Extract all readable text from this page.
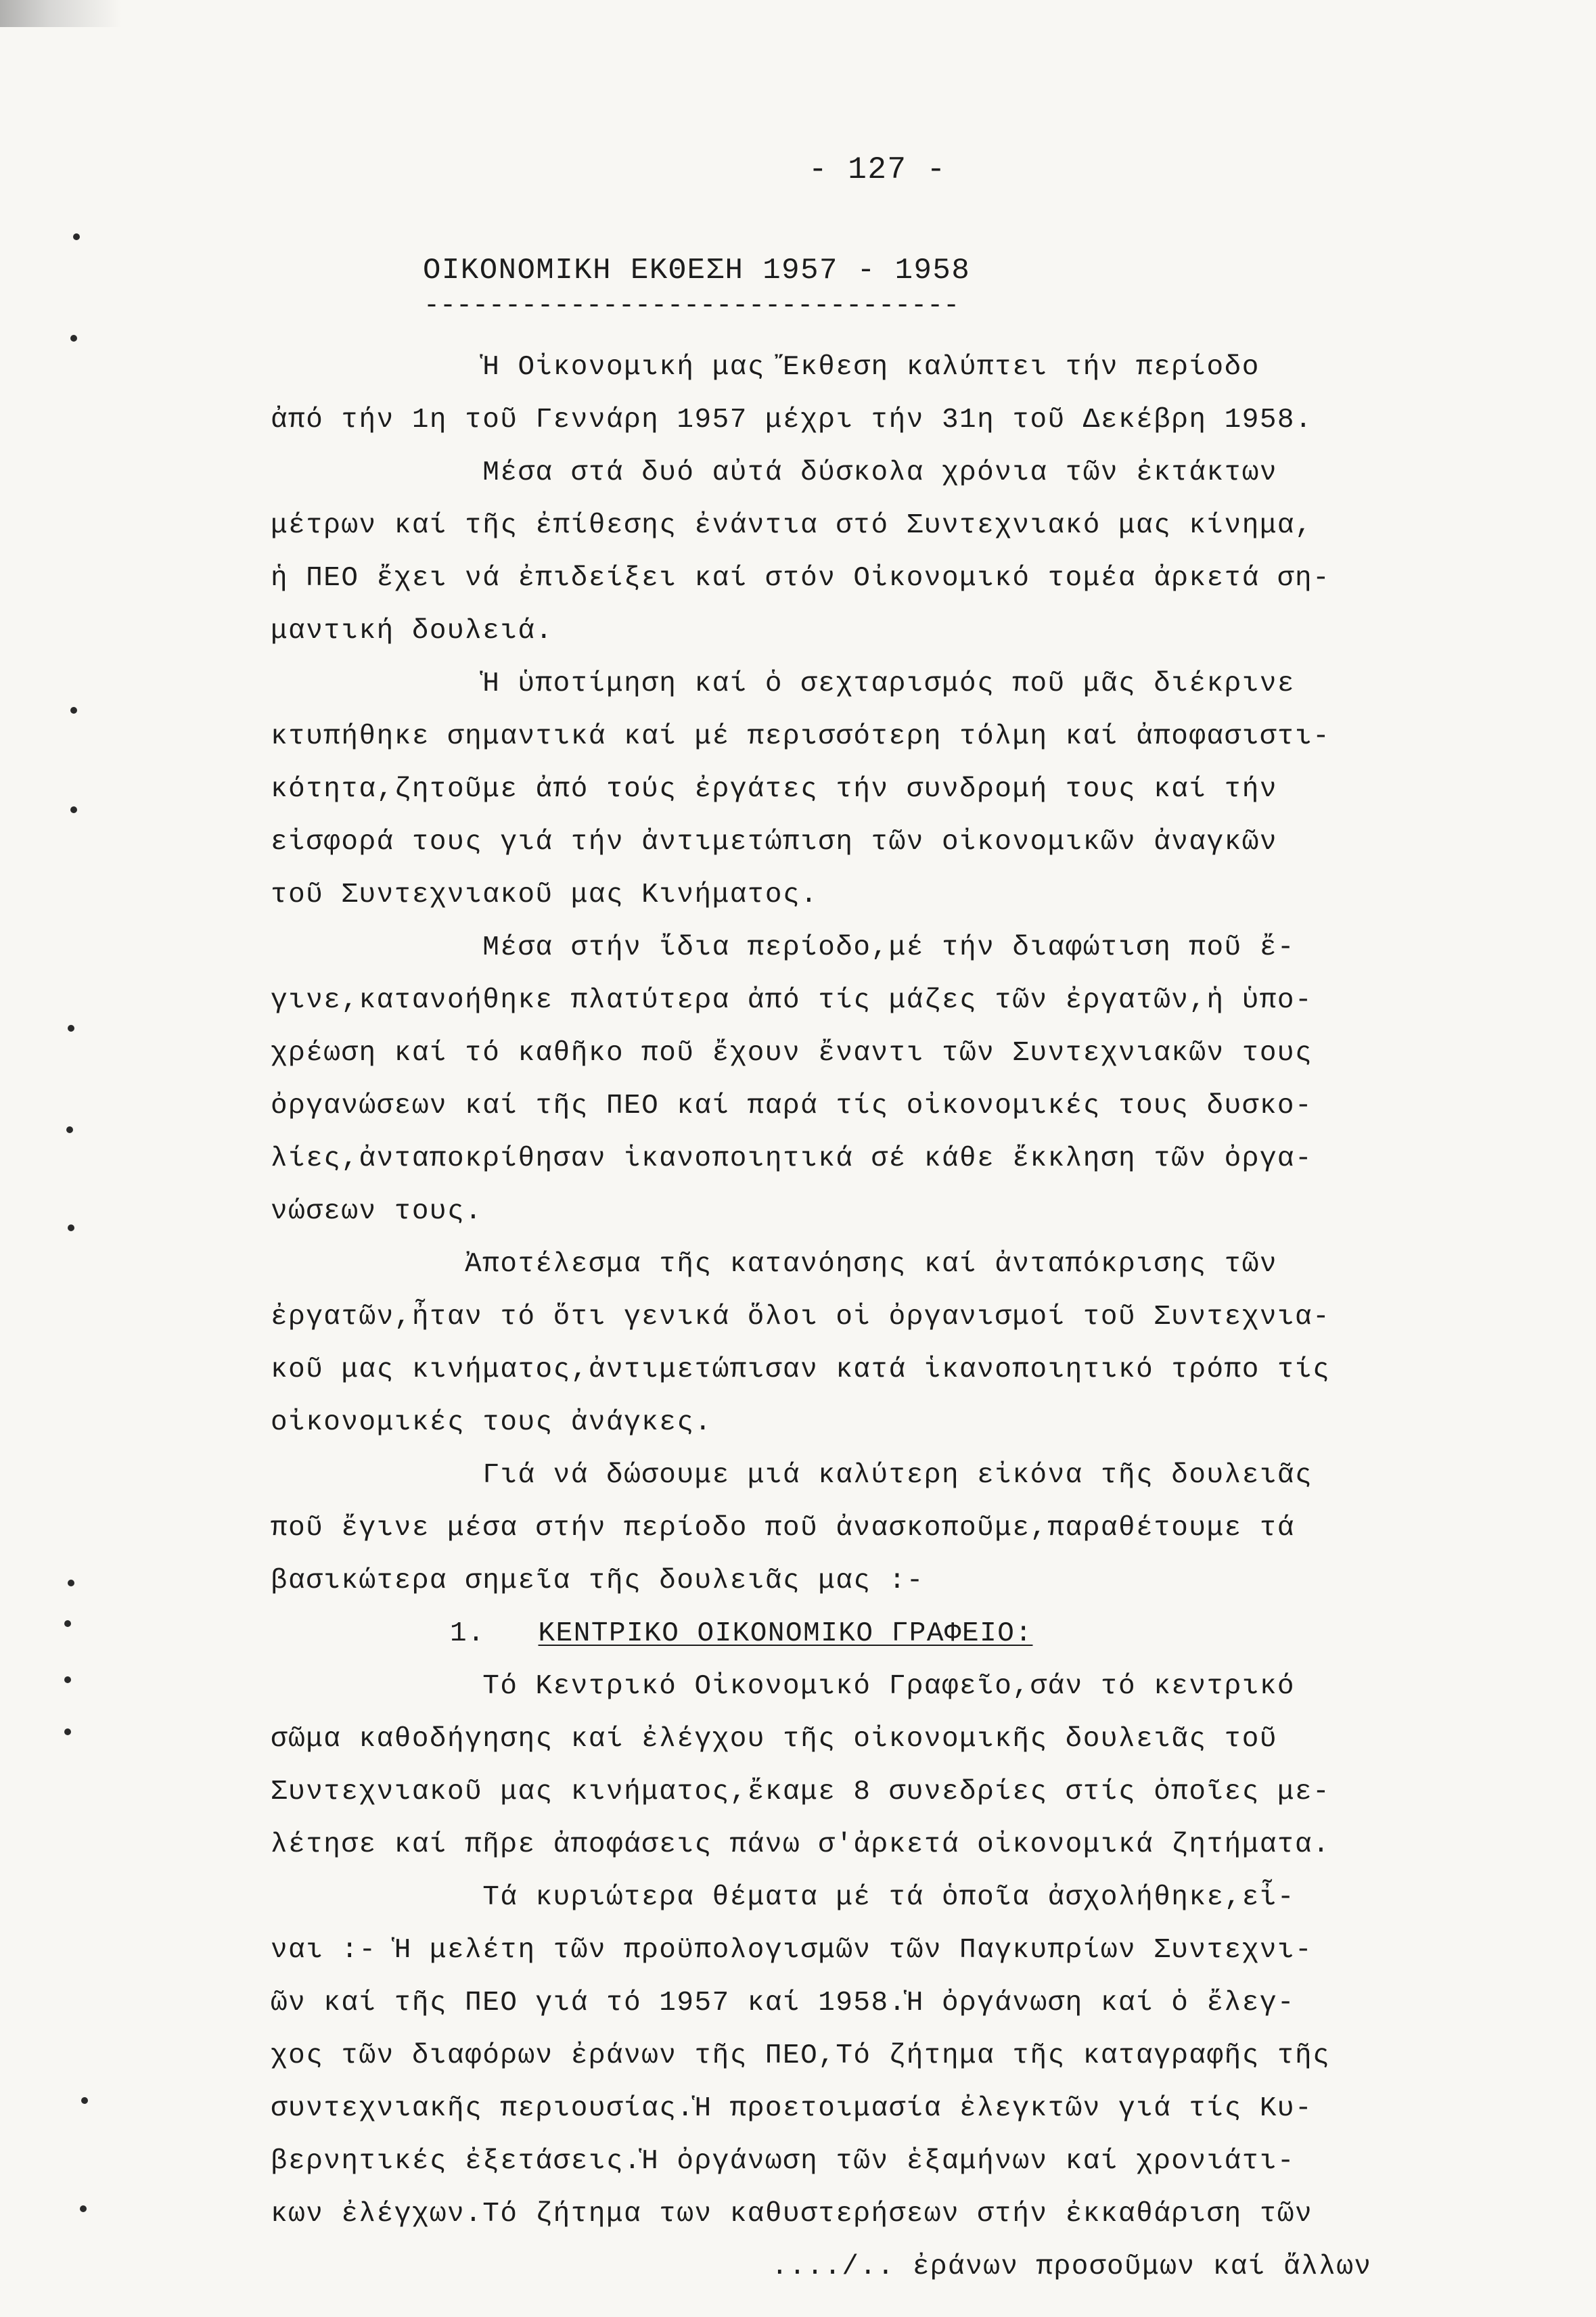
- 127 -
ΟΙΚΟΝΟΜΙΚΗ ΕΚΘΕΣΗ 1957 - 1958
---------------------------------
Ἡ Οἰκονομική μας Ἔκθεση καλύπτει τήν περίοδο
ἀπό τήν 1η τοῦ Γεννάρη 1957 μέχρι τήν 31η τοῦ Δεκέβρη 1958.
Μέσα στά δυό αὐτά δύσκολα χρόνια τῶν ἐκτάκτων
μέτρων καί τῆς ἐπίθεσης ἐνάντια στό Συντεχνιακό μας κίνημα,
ἡ ΠΕΟ ἔχει νά ἐπιδείξει καί στόν Οἰκονομικό τομέα ἀρκετά ση-
μαντική δουλειά.
Ἡ ὑποτίμηση καί ὁ σεχταρισμός ποῦ μᾶς διέκρινε
κτυπήθηκε σημαντικά καί μέ περισσότερη τόλμη καί ἀποφασιστι-
κότητα,ζητοῦμε ἀπό τούς ἐργάτες τήν συνδρομή τους καί τήν
εἰσφορά τους γιά τήν ἀντιμετώπιση τῶν οἰκονομικῶν ἀναγκῶν
τοῦ Συντεχνιακοῦ μας Κινήματος.
Μέσα στήν ἴδια περίοδο,μέ τήν διαφώτιση ποῦ ἔ-
γινε,κατανοήθηκε πλατύτερα ἀπό τίς μάζες τῶν ἐργατῶν,ἡ ὑπο-
χρέωση καί τό καθῆκο ποῦ ἔχουν ἔναντι τῶν Συντεχνιακῶν τους
ὀργανώσεων καί τῆς ΠΕΟ καί παρά τίς οἰκονομικές τους δυσκο-
λίες,ἀνταποκρίθησαν ἱκανοποιητικά σέ κάθε ἔκκληση τῶν ὀργα-
νώσεων τους.
Ἀποτέλεσμα τῆς κατανόησης καί ἀνταπόκρισης τῶν
ἐργατῶν,ἦταν τό ὅτι γενικά ὅλοι οἱ ὀργανισμοί τοῦ Συντεχνια-
κοῦ μας κινήματος,ἀντιμετώπισαν κατά ἱκανοποιητικό τρόπο τίς
οἰκονομικές τους ἀνάγκες.
Γιά νά δώσουμε μιά καλύτερη εἰκόνα τῆς δουλειᾶς
ποῦ ἔγινε μέσα στήν περίοδο ποῦ ἀνασκοποῦμε,παραθέτουμε τά
βασικώτερα σημεῖα τῆς δουλειᾶς μας :-
1. ΚΕΝΤΡΙΚΟ ΟΙΚΟΝΟΜΙΚΟ ΓΡΑΦΕΙΟ:
Τό Κεντρικό Οἰκονομικό Γραφεῖο,σάν τό κεντρικό
σῶμα καθοδήγησης καί ἐλέγχου τῆς οἰκονομικῆς δουλειᾶς τοῦ
Συντεχνιακοῦ μας κινήματος,ἔκαμε 8 συνεδρίες στίς ὁποῖες με-
λέτησε καί πῆρε ἀποφάσεις πάνω σ'ἀρκετά οἰκονομικά ζητήματα.
Τά κυριώτερα θέματα μέ τά ὁποῖα ἀσχολήθηκε,εἶ-
ναι :- Ἡ μελέτη τῶν προϋπολογισμῶν τῶν Παγκυπρίων Συντεχνι-
ῶν καί τῆς ΠΕΟ γιά τό 1957 καί 1958.Ἡ ὀργάνωση καί ὁ ἔλεγ-
χος τῶν διαφόρων ἐράνων τῆς ΠΕΟ,Τό ζήτημα τῆς καταγραφῆς τῆς
συντεχνιακῆς περιουσίας.Ἡ προετοιμασία ἐλεγκτῶν γιά τίς Κυ-
βερνητικές ἐξετάσεις.Ἡ ὀργάνωση τῶν ἑξαμήνων καί χρονιάτι-
κων ἐλέγχων.Τό ζήτημα των καθυστερήσεων στήν ἐκκαθάριση τῶν
..../.. ἐράνων προσοῦμων καί ἄλλων
